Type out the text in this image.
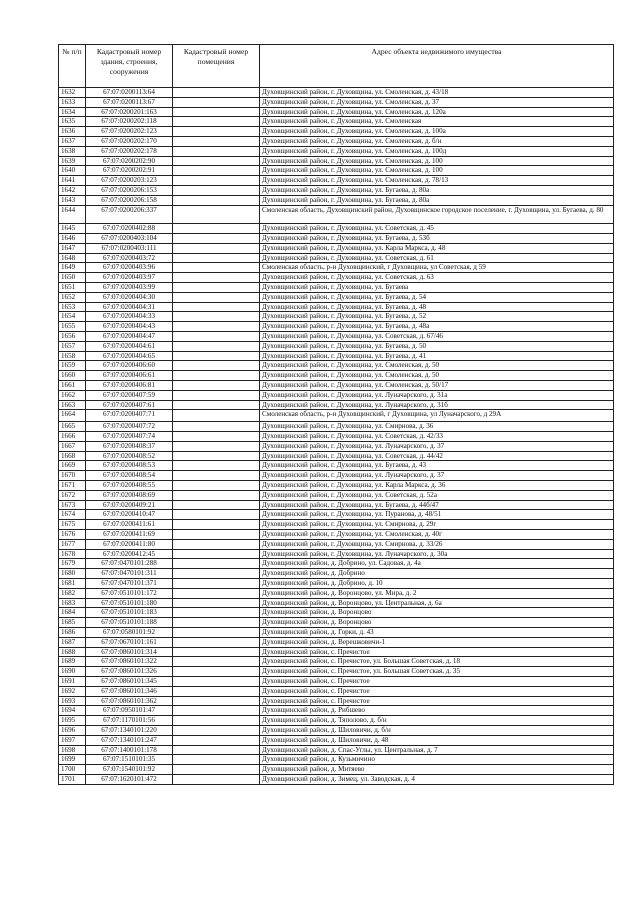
№ п/п	Кадастровый номер здания, строения, сооружения	Кадастровый номер помещения	Адрес объекта недвижимого имущества
1632	67:07:0200113:64		Духовщинский район, г. Духовщина, ул. Смоленская, д. 43/18
1633	67:07:0200113:67		Духовщинский район, г. Духовщина, ул. Смоленская, д. 37
1634	67:07:0200201:163		Духовщинский район, г. Духовщина, ул. Смоленская, д. 120а
1635	67:07:0200202:118		Духовщинский район, г. Духовщина, ул. Смоленская
1636	67:07:0200202:123		Духовщинский район, г. Духовщина, ул. Смоленская, д. 100а
1637	67:07:0200202:170		Духовщинский район, г. Духовщина, ул. Смоленская, д. б/н
1638	67:07:0200202:178		Духовщинский район, г. Духовщина, ул. Смоленская, д. 100д
1639	67:07:0200202:90		Духовщинский район, г. Духовщина, ул. Смоленская, д. 100
1640	67:07:0200202:91		Духовщинский район, г. Духовщина, ул. Смоленская, д. 100
1641	67:07:0200203:123		Духовщинский район, г. Духовщина, ул. Смоленская, д. 78/13
1642	67:07:0200206:153		Духовщинский район, г. Духовщина, ул. Бугаева, д. 80а
1643	67:07:0200206:158		Духовщинский район, г. Духовщина, ул. Бугаева, д. 80а
1644	67:07:0200206:337		Смоленская область, Духовщинский район, Духовщинское городское поселение, г. Духовщина, ул. Бугаева, д. 80
1645	67:07:0200402:88		Духовщинский район, г. Духовщина, ул. Советская, д. 45
1646	67:07:0200403:104		Духовщинский район, г. Духовщина, ул. Бугаева, д. 53б
1647	67:07:0200403:111		Духовщинский район, г. Духовщина, ул. Карла Маркса, д. 48
1648	67:07:0200403:72		Духовщинский район, г. Духовщина, ул. Советская, д. 61
1649	67:07:0200403:96		Смоленская область, р-н Духовщинский, г Духовщина, ул Советская, д 59
1650	67:07:0200403:97		Духовщинский район, г. Духовщина, ул. Советская, д. 63
1651	67:07:0200403:99		Духовщинский район, г. Духовщина, ул. Бугаева
1652	67:07:0200404:30		Духовщинский район, г. Духовщина, ул. Бугаева, д. 54
1653	67:07:0200404:31		Духовщинский район, г. Духовщина, ул. Бугаева, д. 48
1654	67:07:0200404:33		Духовщинский район, г. Духовщина, ул. Бугаева, д. 52
1655	67:07:0200404:43		Духовщинский район, г. Духовщина, ул. Бугаева, д. 48а
1656	67:07:0200404:47		Духовщинский район, г. Духовщина, ул. Советская, д. 67/46
1657	67:07:0200404:61		Духовщинский район, г. Духовщина, ул. Бугаева, д. 50
1658	67:07:0200404:65		Духовщинский район, г. Духовщина, ул. Бугаева, д. 41
1659	67:07:0200406:60		Духовщинский район, г. Духовщина, ул. Смоленская, д. 50
1660	67:07:0200406:61		Духовщинский район, г. Духовщина, ул. Смоленская, д. 50
1661	67:07:0200406:81		Духовщинский район, г. Духовщина, ул. Смоленская, д. 50/17
1662	67:07:0200407:59		Духовщинский район, г. Духовщина, ул. Луначарского, д. 31а
1663	67:07:0200407:61		Духовщинский район, г. Духовщина, ул. Луначарского, д. 31б
1664	67:07:0200407:71		Смоленская область, р-н Духовщинский, г Духовщина, ул Луначарского, д 29А
1665	67:07:0200407:72		Духовщинский район, г. Духовщина, ул. Смирнова, д. 36
1666	67:07:0200407:74		Духовщинский район, г. Духовщина, ул. Советская, д. 42/33
1667	67:07:0200408:37		Духовщинский район, г. Духовщина, ул. Луначарского, д. 37
1668	67:07:0200408:52		Духовщинский район, г. Духовщина, ул. Советская, д. 44/42
1669	67:07:0200408:53		Духовщинский район, г. Духовщина, ул. Бугаева, д. 43
1670	67:07:0200408:54		Духовщинский район, г. Духовщина, ул. Луначарского, д. 37
1671	67:07:0200408:55		Духовщинский район, г. Духовщина, ул. Карла Маркса, д. 36
1672	67:07:0200408:69		Духовщинский район, г. Духовщина, ул. Советская, д. 52а
1673	67:07:0200409:21		Духовщинский район, г. Духовщина, ул. Бугаева, д. 44б/47
1674	67:07:0200410:47		Духовщинский район, г. Духовщина, ул. Пуранова, д. 48/51
1675	67:07:0200411:61		Духовщинский район, г. Духовщина, ул. Смирнова, д. 29г
1676	67:07:0200411:69		Духовщинский район, г. Духовщина, ул. Смоленская, д. 40г
1677	67:07:0200411:80		Духовщинский район, г. Духовщина, ул. Смирнова, д. 33/26
1678	67:07:0200412:45		Духовщинский район, г. Духовщина, ул. Луначарского, д. 30а
1679	67:07:0470101:288		Духовщинский район, д. Добрино, ул. Садовая, д. 4а
1680	67:07:0470101:311		Духовщинский район, д. Добрино
1681	67:07:0470101:371		Духовщинский район, д. Добрино, д. 10
1682	67:07:0510101:172		Духовщинский район, д. Воронцово, ул. Мира, д. 2
1683	67:07:0510101:180		Духовщинский район, д. Воронцово, ул. Центральная, д. 6а
1684	67:07:0510101:183		Духовщинский район, д. Воронцово
1685	67:07:0510101:188		Духовщинский район, д. Воронцово
1686	67:07:0580101:92		Духовщинский район, д. Горки, д. 43
1687	67:07:0670101:161		Духовщинский район, д. Верешковичи-1
1688	67:07:0860101:314		Духовщинский район, с. Пречистое
1689	67:07:0860101:322		Духовщинский район, с. Пречистое, ул. Большая Советская, д. 18
1690	67:07:0860101:326		Духовщинский район, с. Пречистое, ул. Большая Советская, д. 35
1691	67:07:0860101:345		Духовщинский район, с. Пречистое
1692	67:07:0860101:346		Духовщинский район, с. Пречистое
1693	67:07:0860101:362		Духовщинский район, с. Пречистое
1694	67:07:0950101:47		Духовщинский район, д. Рибшево
1695	67:07:1170101:56		Духовщинский район, д. Тяполово, д. б/н
1696	67:07:1340101:220		Духовщинский район, д. Шиловичи, д. б/н
1697	67:07:1340101:247		Духовщинский район, д. Шиловичи, д. 48
1698	67:07:1400101:178		Духовщинский район, д. Спас-Углы, ул. Центральная, д. 7
1699	67:07:1510101:35		Духовщинский район, д. Кузьмичино
1700	67:07:1540101:92		Духовщинский район, д. Митяево
1701	67:07:1620101:472		Духовщинский район, д. Зимец, ул. Заводская, д. 4
